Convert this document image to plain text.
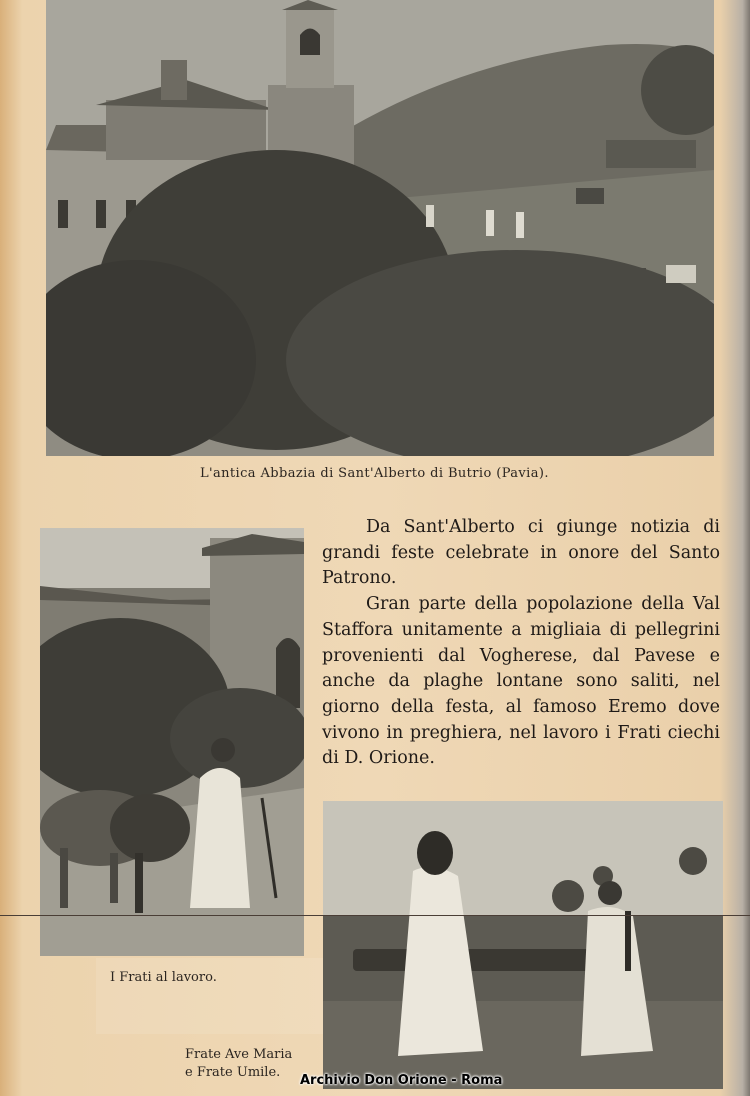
L'antica Abbazia di Sant'Alberto di Butrio (Pavia).
I Frati al lavoro.

Da Sant'Alberto ci giunge notizia di grandi feste celebrate in onore del Santo Patrono.

Gran parte della popolazione della Val Staffora unitamente a migliaia di pellegrini provenienti dal Vogherese, dal Pavese e anche da plaghe lontane sono saliti, nel giorno della festa, al famoso Eremo dove vivono in preghiera, nel lavoro i Frati ciechi di D. Orione.

Frate Ave Maria
e Frate Umile.
Archivio Don Orione - Roma
